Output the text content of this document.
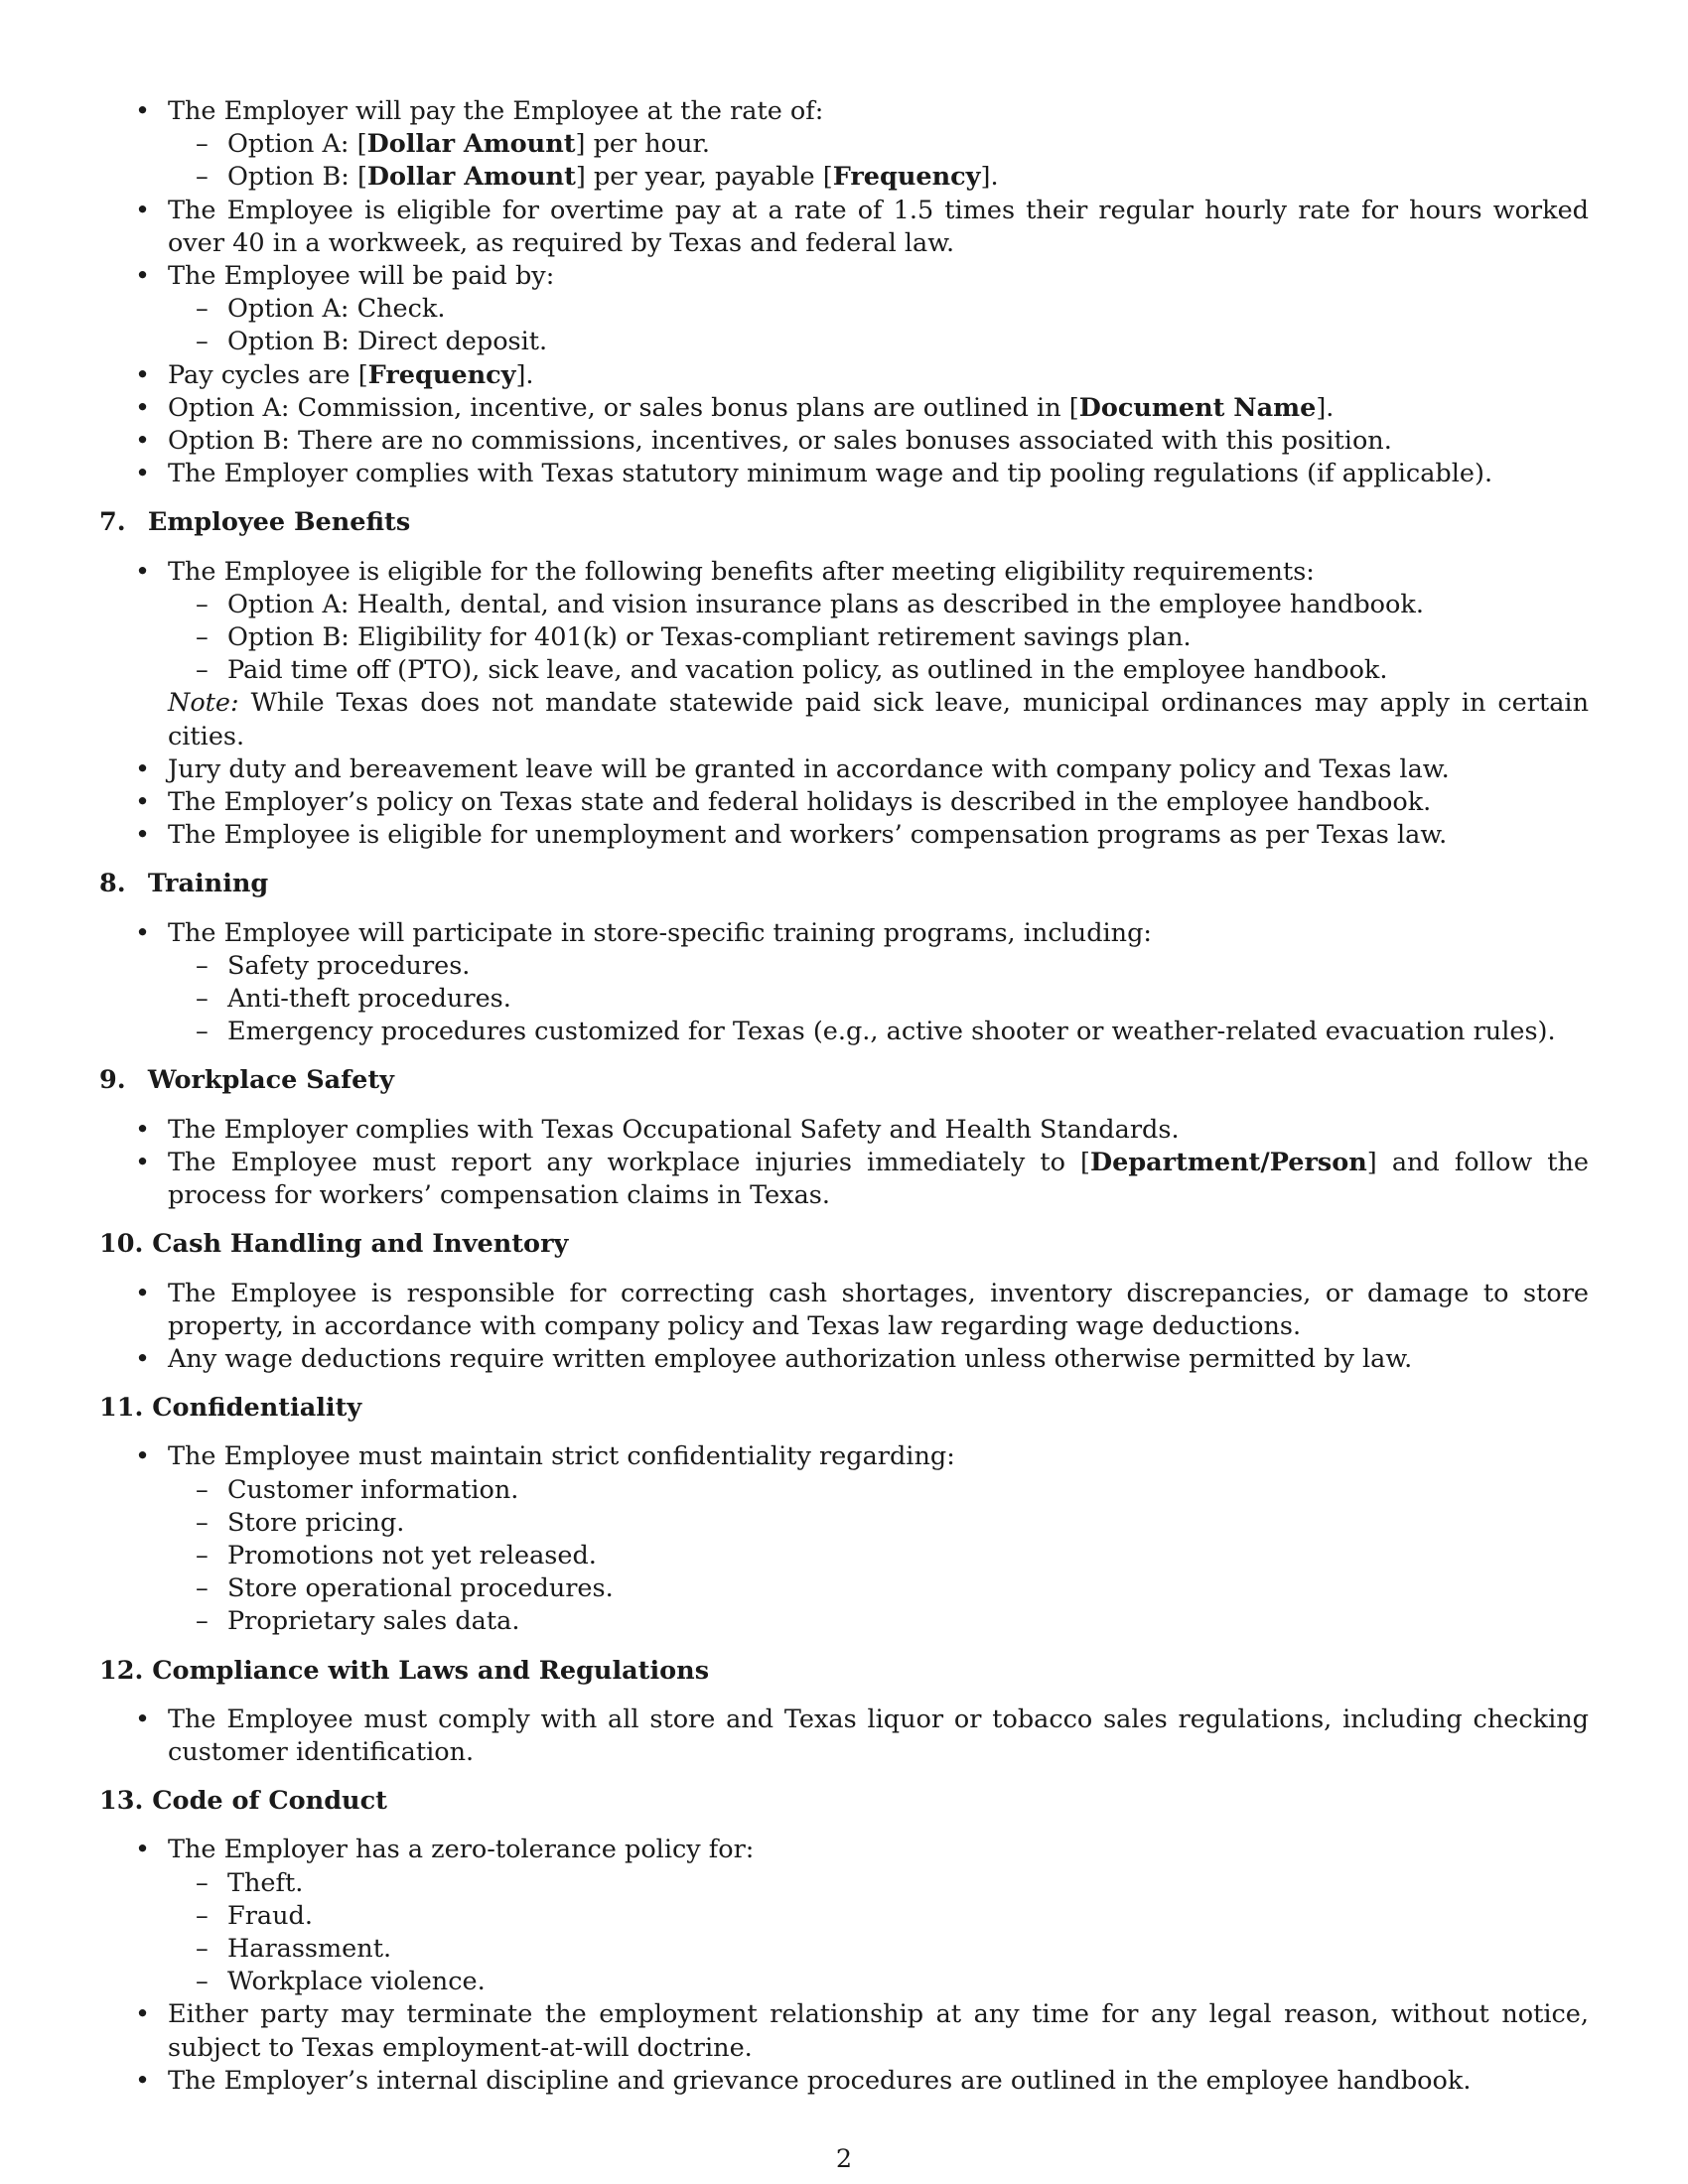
• The Employer will pay the Employee at the rate of:
– Option A: [Dollar Amount] per hour.
– Option B: [Dollar Amount] per year, payable [Frequency].
• The Employee is eligible for overtime pay at a rate of 1.5 times their regular hourly rate for hours worked over 40 in a workweek, as required by Texas and federal law.
• The Employee will be paid by:
– Option A: Check.
– Option B: Direct deposit.
• Pay cycles are [Frequency].
• Option A: Commission, incentive, or sales bonus plans are outlined in [Document Name].
• Option B: There are no commissions, incentives, or sales bonuses associated with this position.
• The Employer complies with Texas statutory minimum wage and tip pooling regulations (if applicable).
7. Employee Benefits
• The Employee is eligible for the following benefits after meeting eligibility requirements:
– Option A: Health, dental, and vision insurance plans as described in the employee handbook.
– Option B: Eligibility for 401(k) or Texas-compliant retirement savings plan.
– Paid time off (PTO), sick leave, and vacation policy, as outlined in the employee handbook.
Note: While Texas does not mandate statewide paid sick leave, municipal ordinances may apply in certain cities.
• Jury duty and bereavement leave will be granted in accordance with company policy and Texas law.
• The Employer’s policy on Texas state and federal holidays is described in the employee handbook.
• The Employee is eligible for unemployment and workers’ compensation programs as per Texas law.
8. Training
• The Employee will participate in store-specific training programs, including:
– Safety procedures.
– Anti-theft procedures.
– Emergency procedures customized for Texas (e.g., active shooter or weather-related evacuation rules).
9. Workplace Safety
• The Employer complies with Texas Occupational Safety and Health Standards.
• The Employee must report any workplace injuries immediately to [Department/Person] and follow the process for workers’ compensation claims in Texas.
10. Cash Handling and Inventory
• The Employee is responsible for correcting cash shortages, inventory discrepancies, or damage to store property, in accordance with company policy and Texas law regarding wage deductions.
• Any wage deductions require written employee authorization unless otherwise permitted by law.
11. Confidentiality
• The Employee must maintain strict confidentiality regarding:
– Customer information.
– Store pricing.
– Promotions not yet released.
– Store operational procedures.
– Proprietary sales data.
12. Compliance with Laws and Regulations
• The Employee must comply with all store and Texas liquor or tobacco sales regulations, including checking customer identification.
13. Code of Conduct
• The Employer has a zero-tolerance policy for:
– Theft.
– Fraud.
– Harassment.
– Workplace violence.
• Either party may terminate the employment relationship at any time for any legal reason, without notice, subject to Texas employment-at-will doctrine.
• The Employer’s internal discipline and grievance procedures are outlined in the employee handbook.
2
